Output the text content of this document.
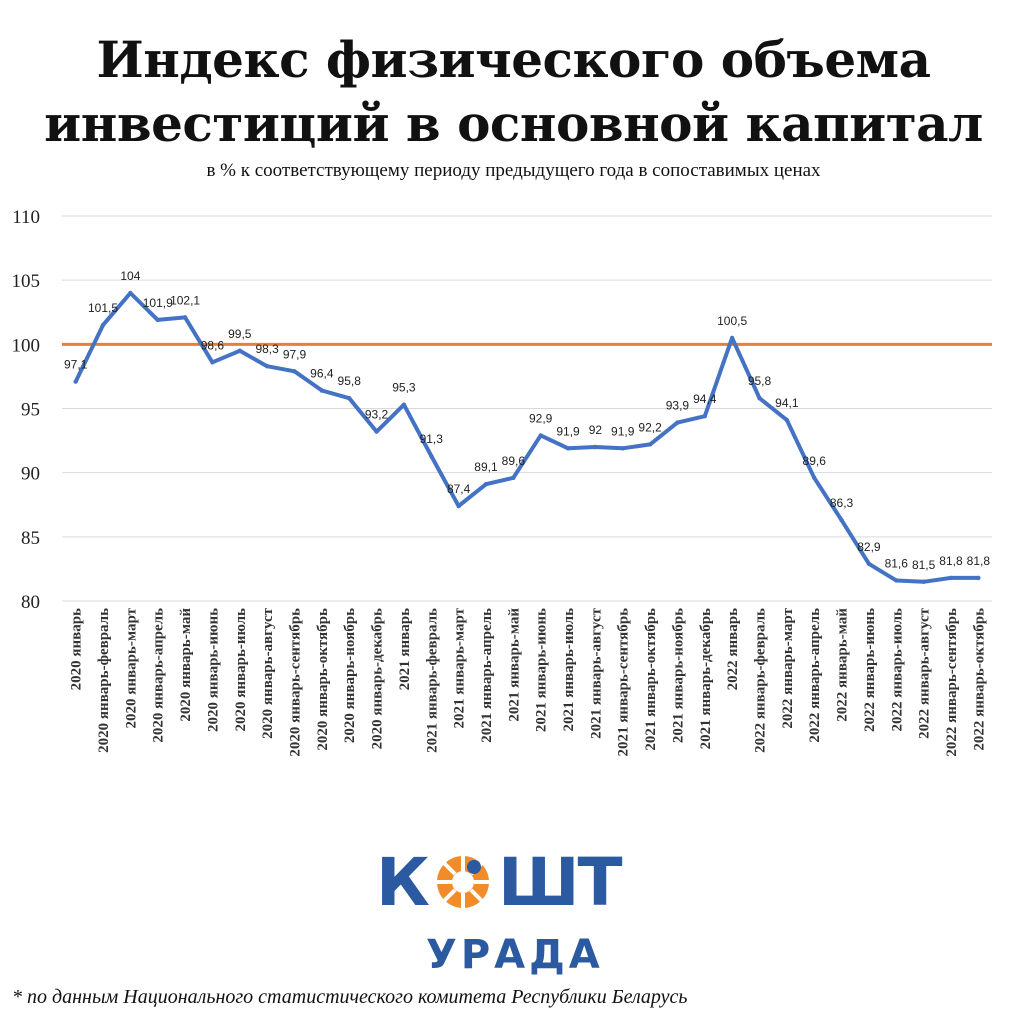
Индекс физического объема
инвестиций в основной капитал
в % к соответствующему периоду предыдущего года в сопоставимых ценах
80
85
90
95
100
105
110
97,1
101,5
104
101,9
102,1
98,6
99,5
98,3 97,9
96,4
95,8
93,2
95,3
91,3
87,4
89,1 89,6
92,9
91,9 92 91,9 92,2
93,9 94,4
100,5
95,8
94,1
89,6
86,3
82,9
81,6 81,5 81,8 81,8
2020 январь 2020 январь-февраль 2020 январь-март 2020 январь-апрель 2020 январь-май 2020 январь-июнь 2020 январь-июль 2020 январь-август 2020 январь-сентябрь 2020 январь-октябрь 2020 январь-ноябрь 2020 январь-декабрь 2021 январь 2021 январь-февраль 2021 январь-март 2021 январь-апрель 2021 январь-май 2021 январь-июнь 2021 январь-июль 2021 январь-август 2021 январь-сентябрь 2021 январь-октябрь 2021 январь-ноябрь 2021 январь-декабрь 2022 январь 2022 январь-февраль 2022 январь-март 2022 январь-апрель 2022 январь-май 2022 январь-июнь 2022 январь-июль 2022 январь-август 2022 январь-сентябрь 2022 январь-октябрь
К ШТ
УРАДА
* по данным Национального статистического комитета Республики Беларусь
